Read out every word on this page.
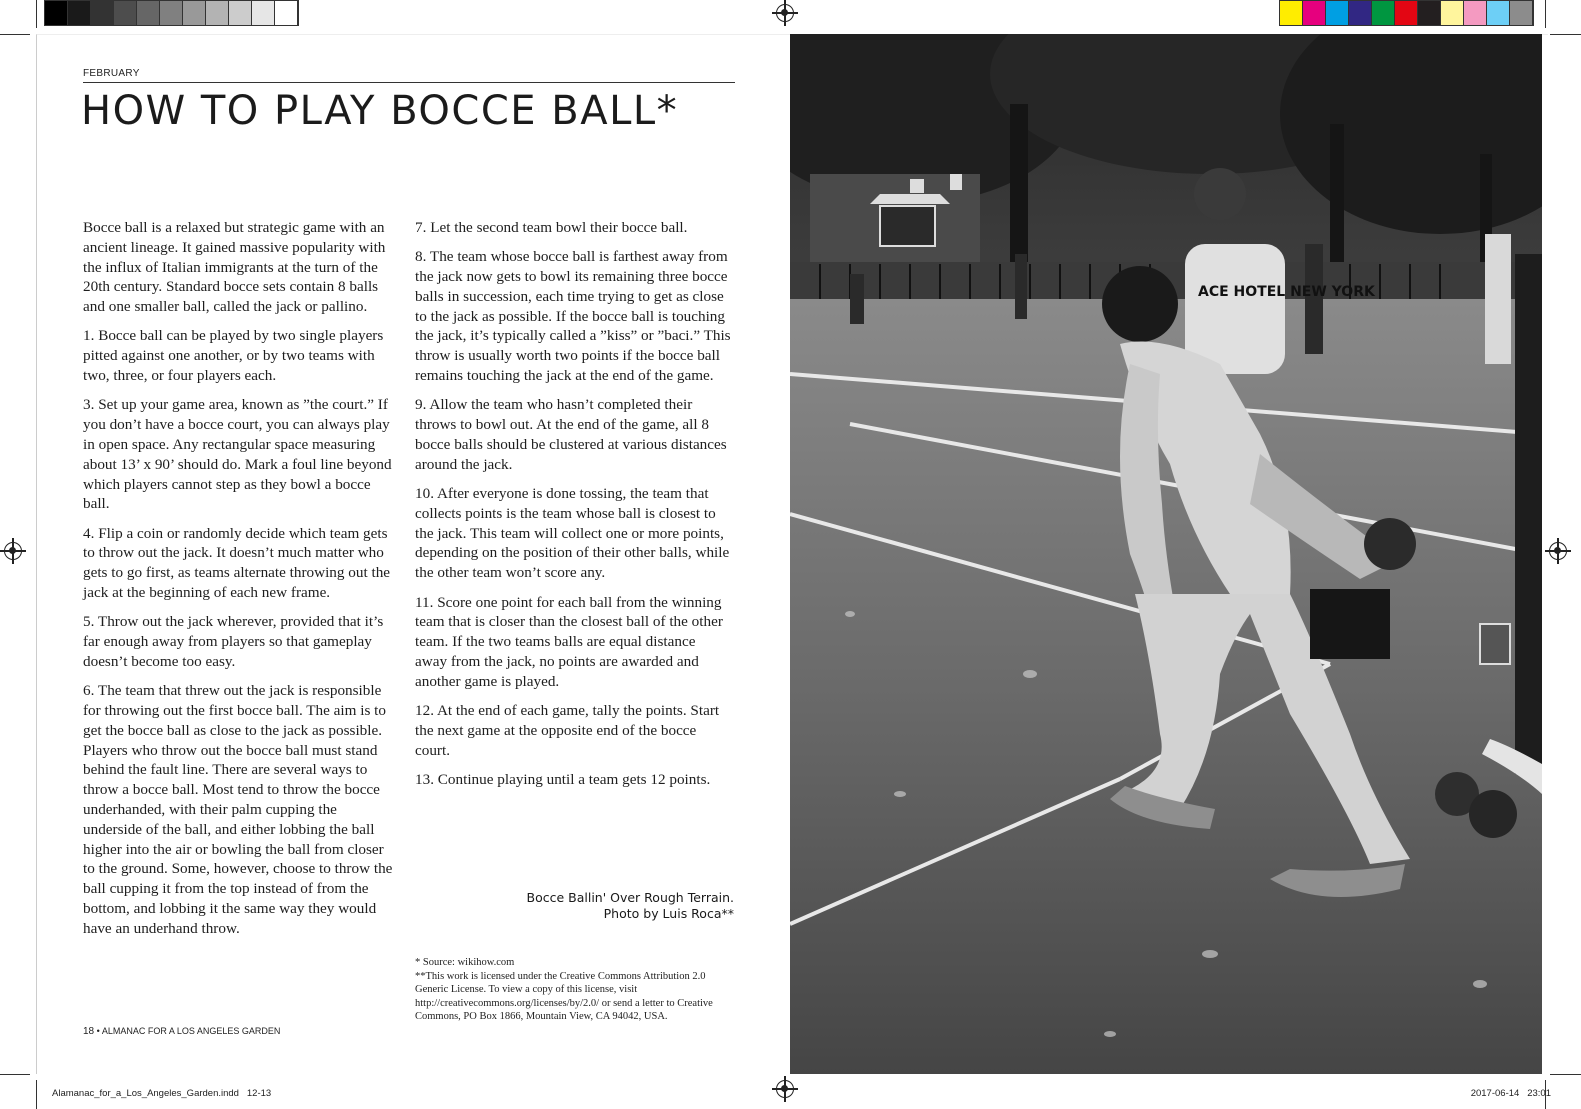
FEBRUARY
HOW TO PLAY BOCCE BALL*

Bocce ball is a relaxed but strategic game with an ancient lineage. It gained massive popularity with the influx of Italian immigrants at the turn of the 20th century. Standard bocce sets contain 8 balls and one smaller ball, called the jack or pallino.

1. Bocce ball can be played by two single players pitted against one another, or by two teams with two, three, or four players each.

3. Set up your game area, known as ”the court.” If you don’t have a bocce court, you can always play in open space. Any rectangular space measuring about 13’ x 90’ should do. Mark a foul line beyond which players cannot step as they bowl a bocce ball.

4. Flip a coin or randomly decide which team gets to throw out the jack. It doesn’t much matter who gets to go first, as teams alternate throwing out the jack at the beginning of each new frame.

5. Throw out the jack wherever, provided that it’s far enough away from players so that gameplay doesn’t become too easy.

6. The team that threw out the jack is responsible for throwing out the first bocce ball. The aim is to get the bocce ball as close to the jack as possible. Players who throw out the bocce ball must stand behind the fault line. There are several ways to throw a bocce ball. Most tend to throw the bocce underhanded, with their palm cupping the underside of the ball, and either lobbing the ball higher into the air or bowling the ball from closer to the ground. Some, however, choose to throw the ball cupping it from the top instead of from the bottom, and lobbing it the same way they would have an underhand throw.

7. Let the second team bowl their bocce ball.

8. The team whose bocce ball is farthest away from the jack now gets to bowl its remaining three bocce balls in succession, each time trying to get as close to the jack as possible. If the bocce ball is touching the jack, it’s typically called a ”kiss” or ”baci.” This throw is usually worth two points if the bocce ball remains touching the jack at the end of the game.

9. Allow the team who hasn’t completed their throws to bowl out. At the end of the game, all 8 bocce balls should be clustered at various distances around the jack.

10. After everyone is done tossing, the team that collects points is the team whose ball is closest to the jack. This team will collect one or more points, depending on the position of their other balls, while the other team won’t score any.

11. Score one point for each ball from the winning team that is closer than the closest ball of the other team. If the two teams balls are equal distance away from the jack, no points are awarded and another game is played.

12. At the end of each game, tally the points. Start the next game at the opposite end of the bocce court.

13. Continue playing until a team gets 12 points.

Bocce Ballin' Over Rough Terrain.
Photo by Luis Roca**

* Source: wikihow.com

**This work is licensed under the Creative Commons Attribution 2.0 Generic License. To view a copy of this license, visit http://creativecommons.org/licenses/by/2.0/ or send a letter to Creative Commons, PO Box 1866, Mountain View, CA 94042, USA.

18 • ALMANAC FOR A LOS ANGELES GARDEN
Alamanac_for_a_Los_Angeles_Garden.indd   12-13	2017-06-14   23:01
ACE HOTEL NEW YORK
